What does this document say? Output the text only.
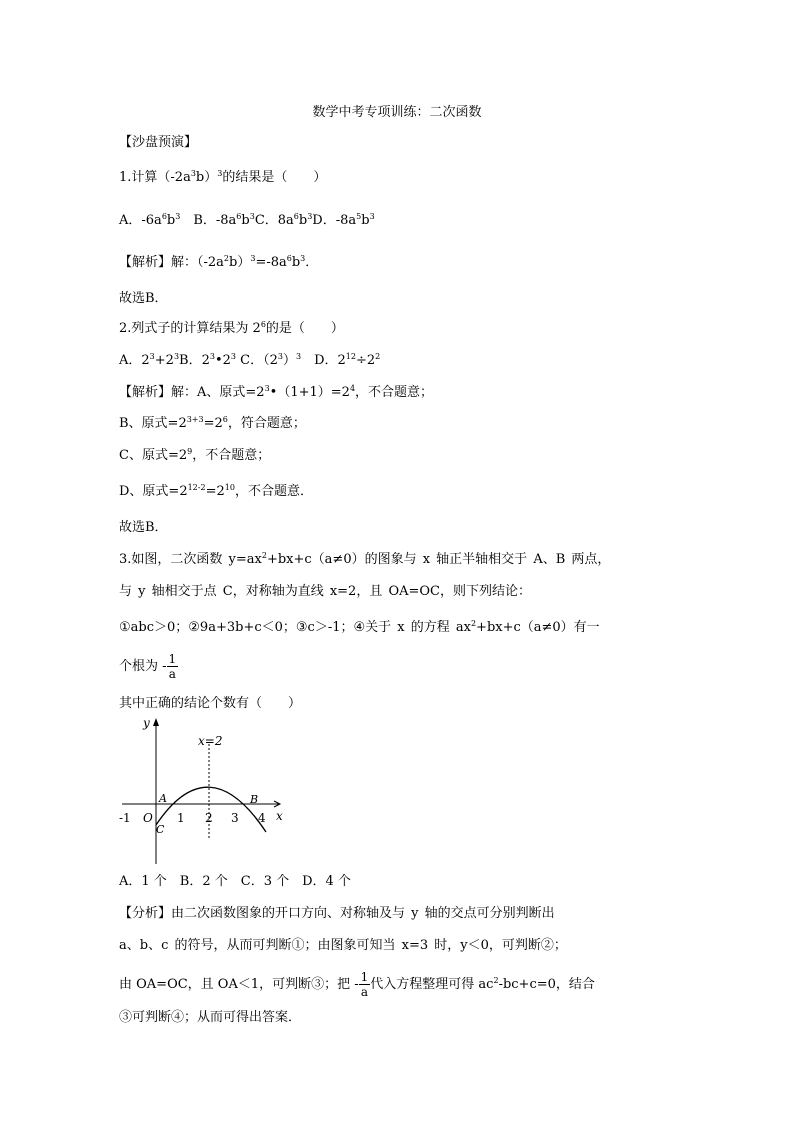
数学中考专项训练：二次函数
【沙盘预演】
1.计算$(-2a^3b)^3$的结果是（　　）
A．$-6a^6b^3$　B．$-8a^6b^3C$．$8a^6b^3D$．$-8a^5b^3$
【解析】解：$(-2a^2b)^3=-8a^6b^3$．
故选B．
2.列式子的计算结果为 $2^6$的是（　　）
A．$2^3+2^3B$．$2^3•2^3$ C．$(2^3)^3$　D．$2^{12}\div 2^2$
【解析】解：A、原式$=2^3•(1+1)=2^4$，不合题意；
B、原式$=2^{3+3}=2^6$，符合题意；
C、原式$=2^9$，不合题意；
D、原式$=2^{12-2}=2^{10}$，不合题意．
故选B．
3.如图，二次函数 $y=ax^2+bx+c(a\ne 0)$的图象与 x 轴正半轴相交于 A、B 两点，
与 y 轴相交于点 C，对称轴为直线 x=2，且 OA=OC，则下列结论：
①abc＞0；②9a+3b+c＜0；③c＞-1；④关于 x 的方程 $ax^2+bx+c(a\ne 0)$有一
个根为 - $\frac{1}{a}$
其中正确的结论个数有（　　）
y
x
x=2
A	B
C
O
-1	1 2 3 4
A．1 个　B．2 个　C．3 个　D．4 个
【分析】由二次函数图象的开口方向、对称轴及与 y 轴的交点可分别判断出
a、b、c 的符号，从而可判断①；由图象可知当 x=3 时，y＜0，可判断②；
由 OA=OC，且 OA＜1，可判断③；把 - $\frac{1}{a}$ 代入方程整理可得 $ac^2-bc+c=0$，结合
③可判断④；从而可得出答案．
